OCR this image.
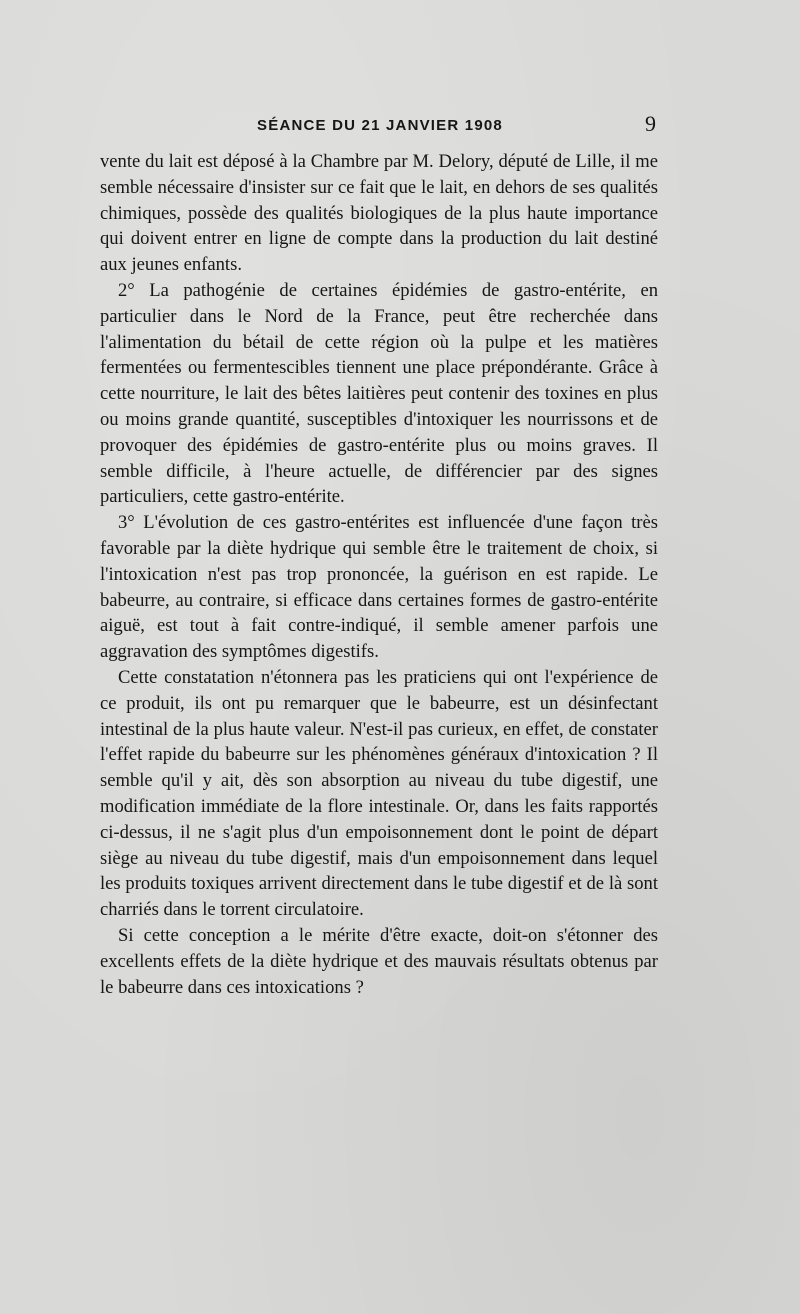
SÉANCE DU 21 JANVIER 1908	9

vente du lait est déposé à la Chambre par M. Delory, député de Lille, il me semble nécessaire d'insister sur ce fait que le lait, en dehors de ses qualités chimiques, possède des qualités biologiques de la plus haute importance qui doivent entrer en ligne de compte dans la production du lait destiné aux jeunes enfants.

2° La pathogénie de certaines épidémies de gastro-entérite, en particulier dans le Nord de la France, peut être recherchée dans l'alimentation du bétail de cette région où la pulpe et les matières fermentées ou fermentescibles tiennent une place prépondérante. Grâce à cette nourriture, le lait des bêtes laitières peut contenir des toxines en plus ou moins grande quantité, susceptibles d'intoxiquer les nourrissons et de provoquer des épidémies de gastro-entérite plus ou moins graves. Il semble difficile, à l'heure actuelle, de différencier par des signes particuliers, cette gastro-entérite.

3° L'évolution de ces gastro-entérites est influencée d'une façon très favorable par la diète hydrique qui semble être le traitement de choix, si l'intoxication n'est pas trop prononcée, la guérison en est rapide. Le babeurre, au contraire, si efficace dans certaines formes de gastro-entérite aiguë, est tout à fait contre-indiqué, il semble amener parfois une aggravation des symptômes digestifs.

Cette constatation n'étonnera pas les praticiens qui ont l'expérience de ce produit, ils ont pu remarquer que le babeurre, est un désinfectant intestinal de la plus haute valeur. N'est-il pas curieux, en effet, de constater l'effet rapide du babeurre sur les phénomènes généraux d'intoxication ? Il semble qu'il y ait, dès son absorption au niveau du tube digestif, une modification immédiate de la flore intestinale. Or, dans les faits rapportés ci-dessus, il ne s'agit plus d'un empoisonnement dont le point de départ siège au niveau du tube digestif, mais d'un empoisonnement dans lequel les produits toxiques arrivent directement dans le tube digestif et de là sont charriés dans le torrent circulatoire.

Si cette conception a le mérite d'être exacte, doit-on s'étonner des excellents effets de la diète hydrique et des mauvais résultats obtenus par le babeurre dans ces intoxications ?
